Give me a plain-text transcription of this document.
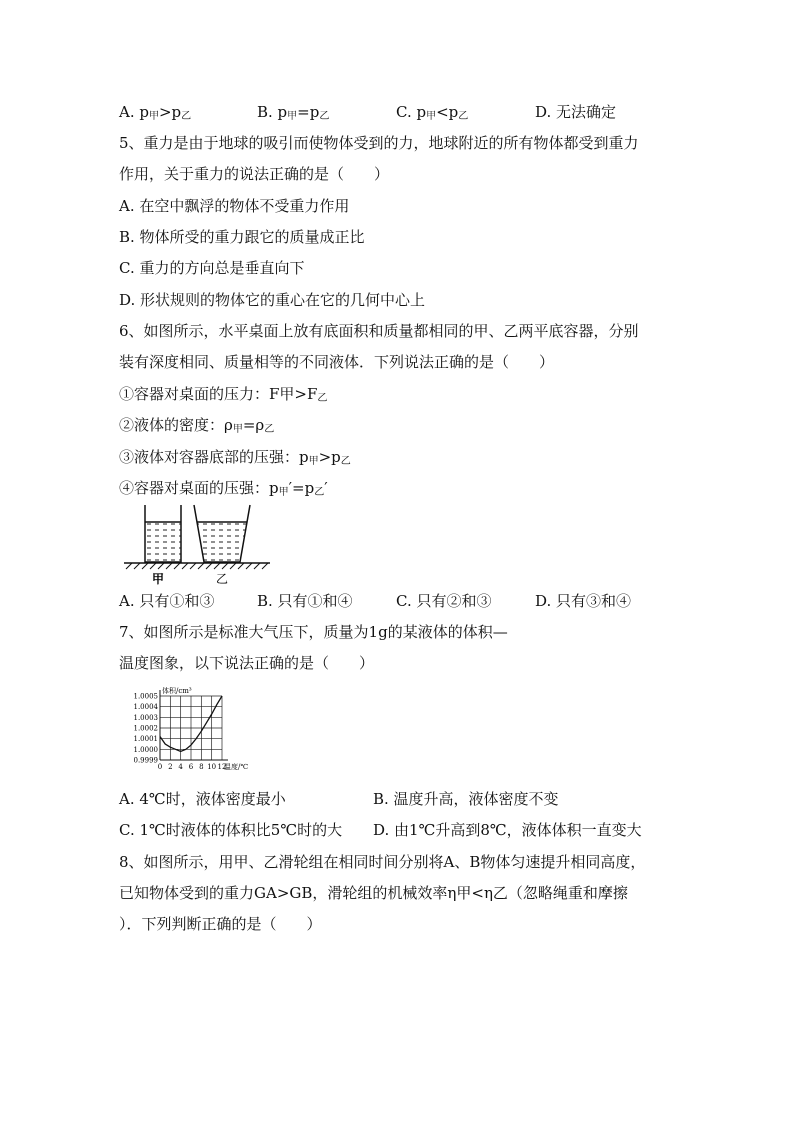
A. $p_甲>p_乙$	B. $p_甲=p_乙$	C. $p_甲<p_乙$	D. 无法确定
5、重力是由于地球的吸引而使物体受到的力，地球附近的所有物体都受到重力
作用，关于重力的说法正确的是（　　）
A. 在空中飘浮的物体不受重力作用
B. 物体所受的重力跟它的质量成正比
C. 重力的方向总是垂直向下
D. 形状规则的物体它的重心在它的几何中心上
6、如图所示，水平桌面上放有底面积和质量都相同的甲、乙两平底容器，分别
装有深度相同、质量相等的不同液体．下列说法正确的是（　　）
①容器对桌面的压力：F甲$>F_乙$
②液体的密度：$\rho_甲=\rho_乙$
③液体对容器底部的压强：$p_甲>p_乙$
④容器对桌面的压强：$p_甲'=p_乙'$
甲	乙
A. 只有①和③	B. 只有①和④	C. 只有②和③	D. 只有③和④
7、如图所示是标准大气压下，质量为1g的某液体的体积—
温度图象，以下说法正确的是（　　）
1.0005
1.0004
1.0003
1.0002
1.0001
1.0000
0.9999
0 2 4 6 8 10 12
体积/cm³
温度/℃
A. 4℃时，液体密度最小	B. 温度升高，液体密度不变
C. 1℃时液体的体积比5℃时的大 D. 由1℃升高到8℃，液体体积一直变大
8、如图所示，用甲、乙滑轮组在相同时间分别将A、B物体匀速提升相同高度，
已知物体受到的重力GA>GB，滑轮组的机械效率η甲<η乙（忽略绳重和摩擦
）．下列判断正确的是（　　）
